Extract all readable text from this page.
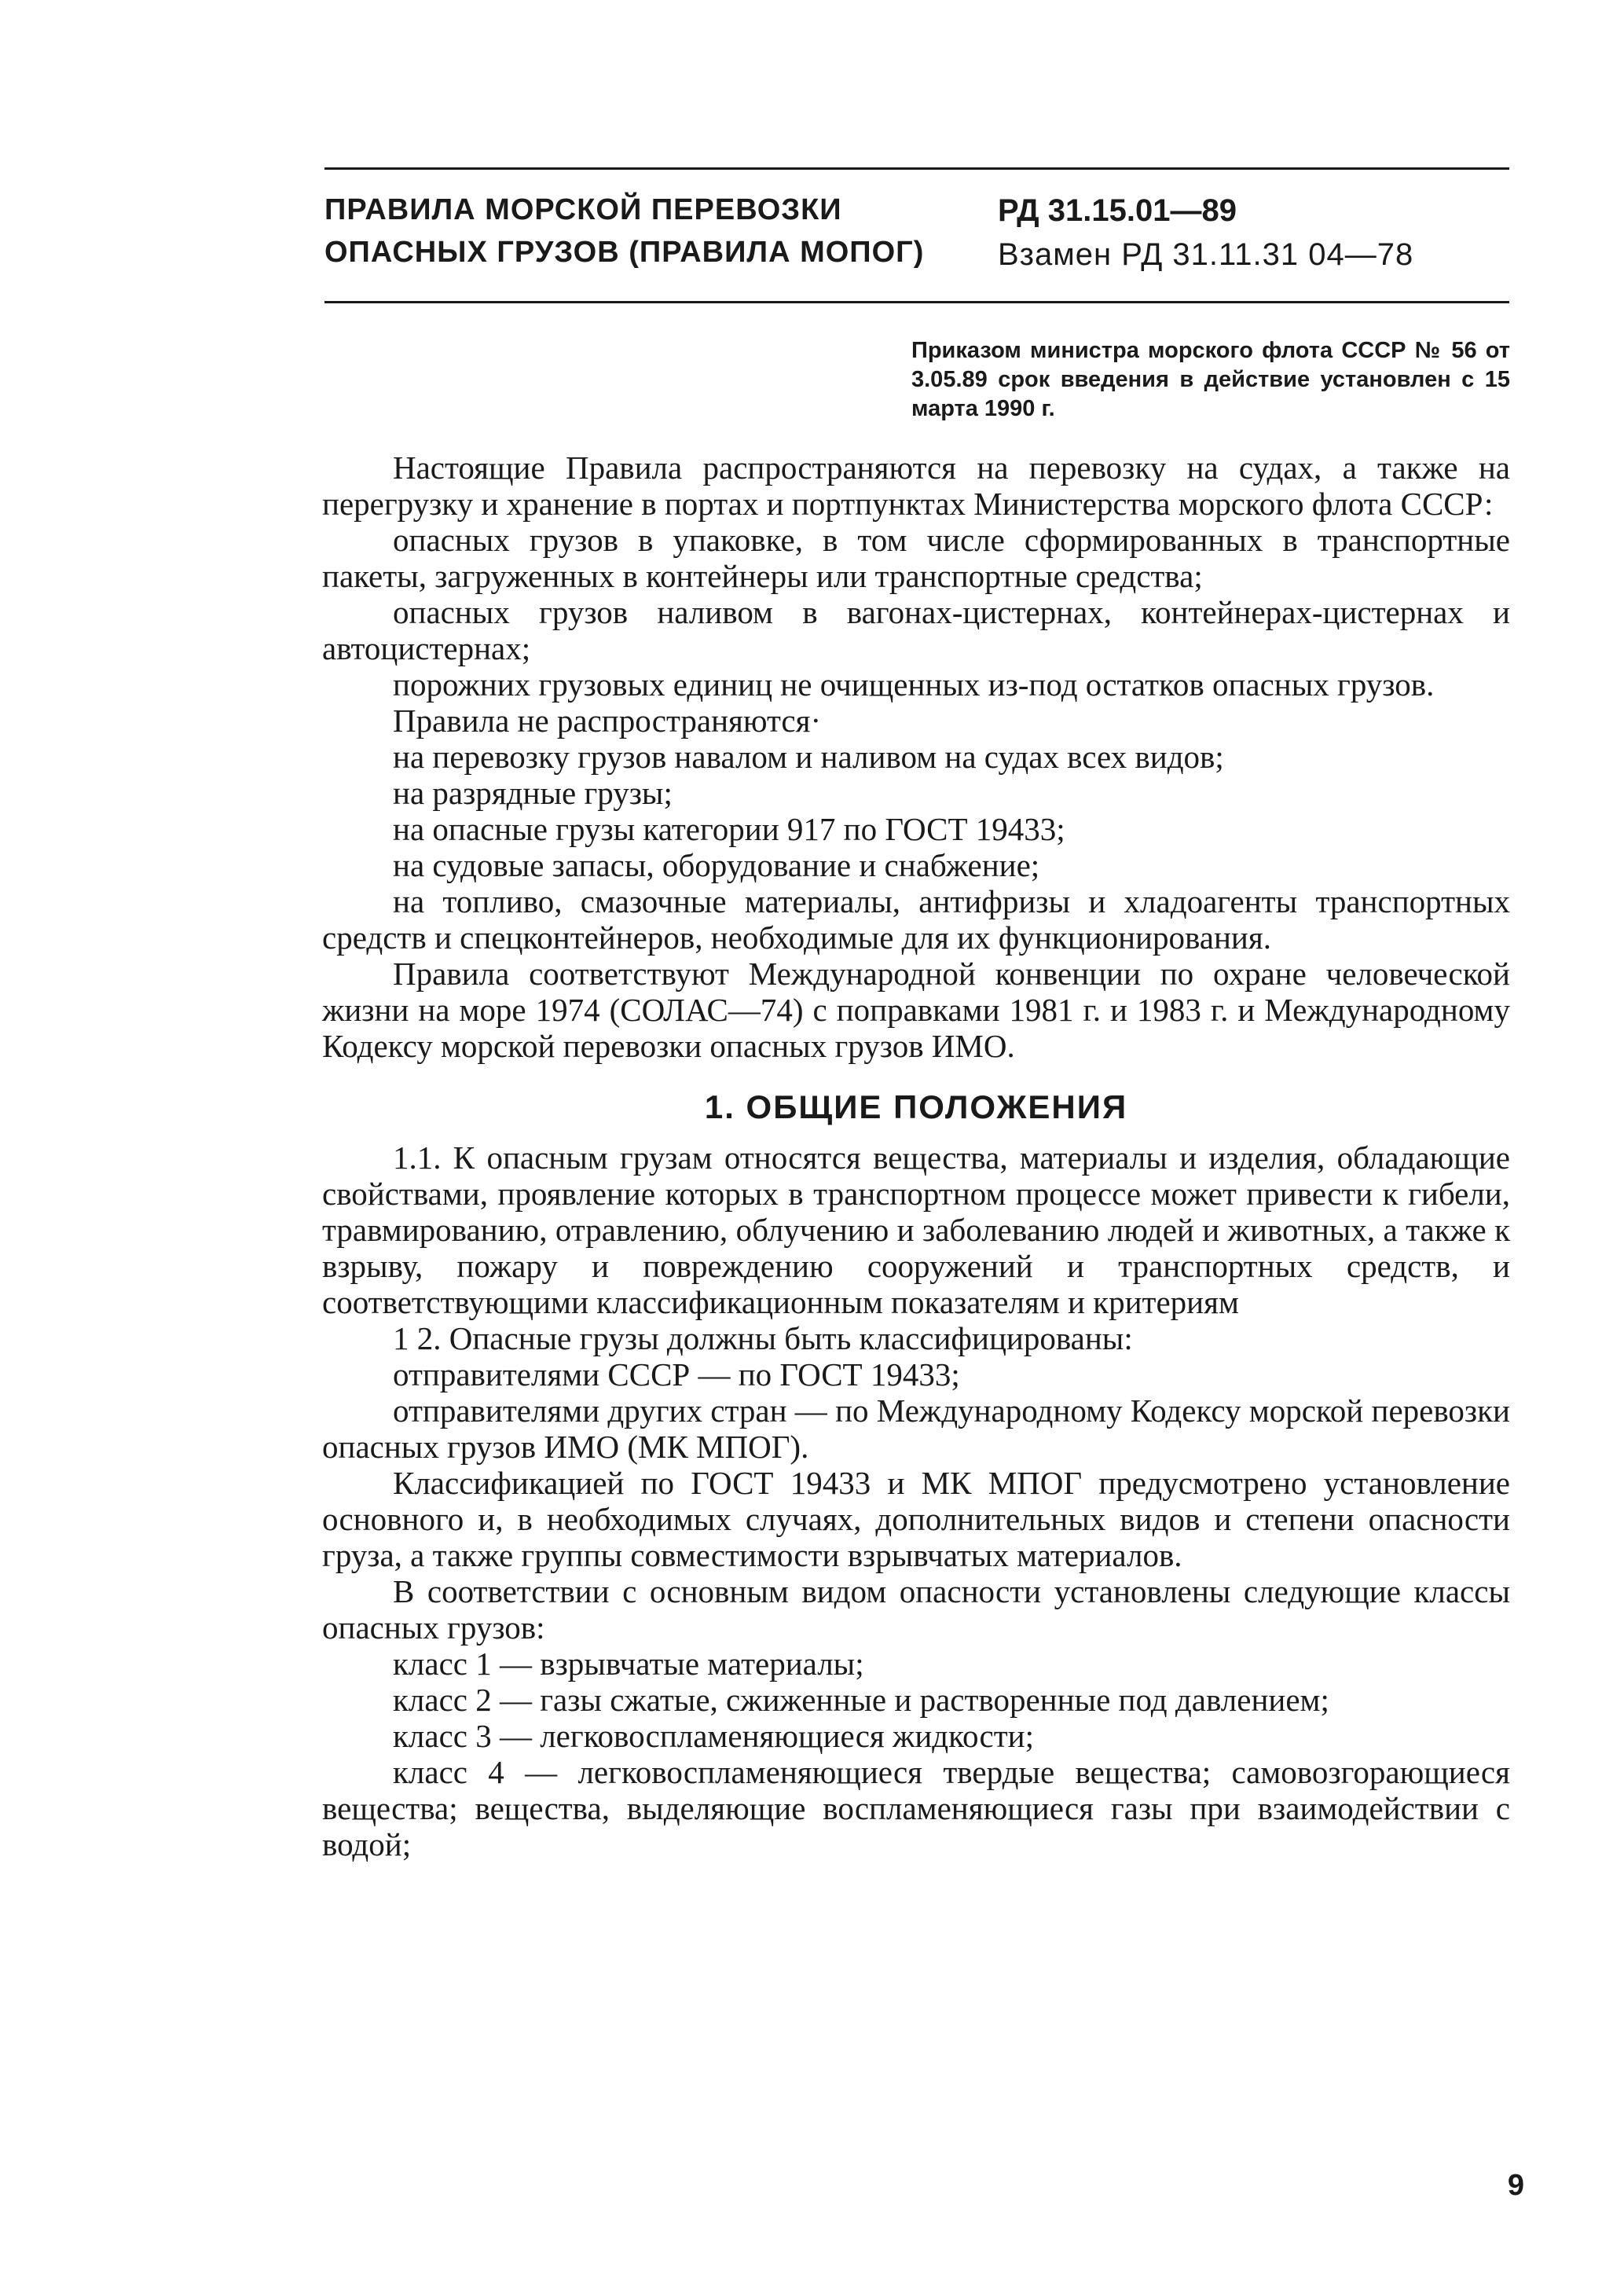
ПРАВИЛА МОРСКОЙ ПЕРЕВОЗКИ
ОПАСНЫХ ГРУЗОВ (ПРАВИЛА МОПОГ)
РД 31.15.01—89
Взамен РД 31.11.31 04—78
Приказом министра морского флота СССР № 56 от 3.05.89 срок введения в действие установлен с 15 марта 1990 г.

Настоящие Правила распространяются на перевозку на судах, а также на перегрузку и хранение в портах и портпунктах Министерства морского флота СССР:

опасных грузов в упаковке, в том числе сформированных в транспортные пакеты, загруженных в контейнеры или транспортные средства;

опасных грузов наливом в вагонах-цистернах, контейнерах-цистернах и автоцистернах;

порожних грузовых единиц не очищенных из-под остатков опасных грузов.

Правила не распространяются·

на перевозку грузов навалом и наливом на судах всех видов;

на разрядные грузы;

на опасные грузы категории 917 по ГОСТ 19433;

на судовые запасы, оборудование и снабжение;

на топливо, смазочные материалы, антифризы и хладоагенты транспортных средств и спецконтейнеров, необходимые для их функционирования.

Правила соответствуют Международной конвенции по охране человеческой жизни на море 1974 (СОЛАС—74) с поправками 1981 г. и 1983 г. и Международному Кодексу морской перевозки опасных грузов ИМО.

1. ОБЩИЕ ПОЛОЖЕНИЯ

1.1. К опасным грузам относятся вещества, материалы и изделия, обладающие свойствами, проявление которых в транспортном процессе может привести к гибели, травмированию, отравлению, облучению и заболеванию людей и животных, а также к взрыву, пожару и повреждению сооружений и транспортных средств, и соответствующими классификационным показателям и критериям

1 2. Опасные грузы должны быть классифицированы:

отправителями СССР — по ГОСТ 19433;

отправителями других стран — по Международному Кодексу морской перевозки опасных грузов ИМО (МК МПОГ).

Классификацией по ГОСТ 19433 и МК МПОГ предусмотрено установление основного и, в необходимых случаях, дополнительных видов и степени опасности груза, а также группы совместимости взрывчатых материалов.

В соответствии с основным видом опасности установлены следующие классы опасных грузов:

класс 1 — взрывчатые материалы;

класс 2 — газы сжатые, сжиженные и растворенные под давлением;

класс 3 — легковоспламеняющиеся жидкости;

класс 4 — легковоспламеняющиеся твердые вещества; самовозгорающиеся вещества; вещества, выделяющие воспламеняющиеся газы при взаимодействии с водой;

9
